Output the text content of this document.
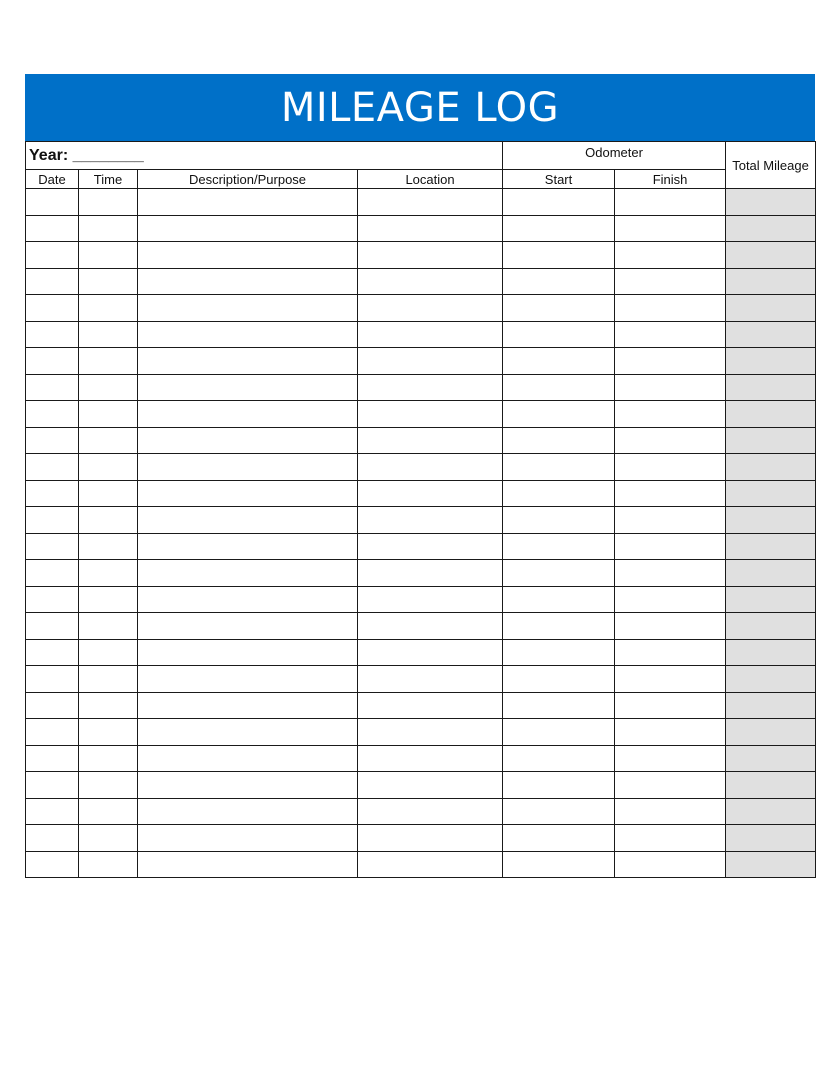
MILEAGE LOG
Year: ________				Odometer		Total Mileage
Date	Time	Description/Purpose	Location	Start	Finish	
